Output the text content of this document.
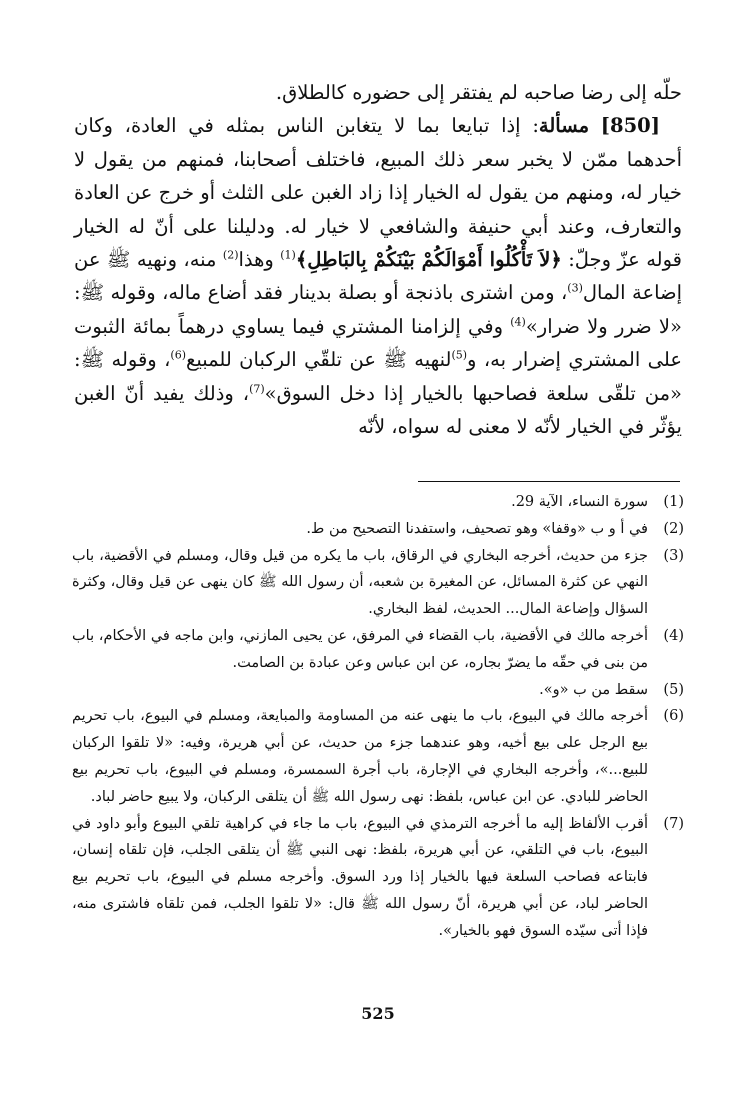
حلّه إلى رضا صاحبه لم يفتقر إلى حضوره كالطلاق.

[850] مسألة: إذا تبايعا بما لا يتغابن الناس بمثله في العادة، وكان أحدهما ممّن لا يخبر سعر ذلك المبيع، فاختلف أصحابنا، فمنهم من يقول لا خيار له، ومنهم من يقول له الخيار إذا زاد الغبن على الثلث أو خرج عن العادة والتعارف، وعند أبي حنيفة والشافعي لا خيار له. ودليلنا على أنّ له الخيار قوله عزّ وجلّ: ﴿لاَ تَأْكُلُوا أَمْوَالَكُمْ بَيْنَكُمْ بِالبَاطِلِ﴾$^{(1)}$ وهذا$^{(2)}$ منه، ونهيه ﷺ عن إضاعة المال$^{(3)}$، ومن اشترى باذنجة أو بصلة بدينار فقد أضاع ماله، وقوله ﷺ: «لا ضرر ولا ضرار»$^{(4)}$ وفي إلزامنا المشتري فيما يساوي درهماً بمائة الثبوت على المشتري إضرار به، و$^{(5)}$لنهيه ﷺ عن تلقّي الركبان للمبيع$^{(6)}$، وقوله ﷺ: «من تلقّى سلعة فصاحبها بالخيار إذا دخل السوق»$^{(7)}$، وذلك يفيد أنّ الغبن يؤثّر في الخيار لأنّه لا معنى له سواه، لأنّه

(1)
سورة النساء، الآية 29.
(2)
في أ و ب «وقفا» وهو تصحيف، واستفدنا التصحيح من ط.
(3)
جزء من حديث، أخرجه البخاري في الرقاق، باب ما يكره من قيل وقال، ومسلم في الأقضية، باب النهي عن كثرة المسائل، عن المغيرة بن شعبه، أن رسول الله ﷺ كان ينهى عن قيل وقال، وكثرة السؤال وإضاعة المال... الحديث، لفظ البخاري.
(4)
أخرجه مالك في الأقضية، باب القضاء في المرفق، عن يحيى المازني، وابن ماجه في الأحكام، باب من بنى في حقّه ما يضرّ بجاره، عن ابن عباس وعن عبادة بن الصامت.
(5)
سقط من ب «و».
(6)
أخرجه مالك في البيوع، باب ما ينهى عنه من المساومة والمبايعة، ومسلم في البيوع، باب تحريم بيع الرجل على بيع أخيه، وهو عندهما جزء من حديث، عن أبي هريرة، وفيه: «لا تلقوا الركبان للبيع...»، وأخرجه البخاري في الإجارة، باب أجرة السمسرة، ومسلم في البيوع، باب تحريم بيع الحاضر للبادي. عن ابن عباس، بلفظ: نهى رسول الله ﷺ أن يتلقى الركبان، ولا يبيع حاضر لباد.
(7)
أقرب الألفاظ إليه ما أخرجه الترمذي في البيوع، باب ما جاء في كراهية تلقي البيوع وأبو داود في البيوع، باب في التلقي، عن أبي هريرة، بلفظ: نهى النبي ﷺ أن يتلقى الجلب، فإن تلقاه إنسان، فابتاعه فصاحب السلعة فيها بالخيار إذا ورد السوق. وأخرجه مسلم في البيوع، باب تحريم بيع الحاضر لباد، عن أبي هريرة، أنّ رسول الله ﷺ قال: «لا تلقوا الجلب، فمن تلقاه فاشترى منه، فإذا أتى سيّده السوق فهو بالخيار».
525
